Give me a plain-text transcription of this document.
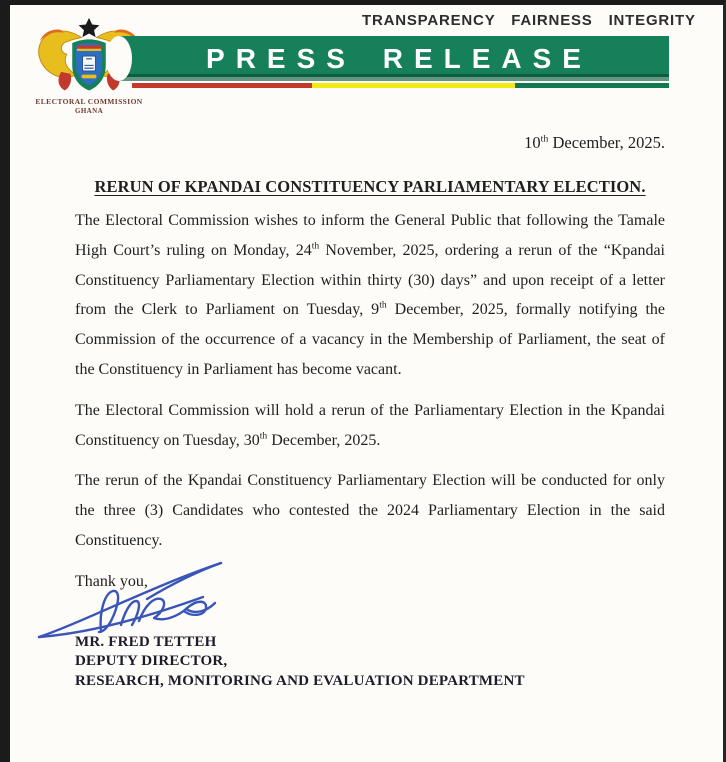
TRANSPARENCY FAIRNESS INTEGRITY
ELECTORAL COMMISSION
GHANA
PRESS RELEASE
10th December, 2025.
RERUN OF KPANDAI CONSTITUENCY PARLIAMENTARY ELECTION.

The Electoral Commission wishes to inform the General Public that following the Tamale High Court’s ruling on Monday, 24th November, 2025, ordering a rerun of the “Kpandai Constituency Parliamentary Election within thirty (30) days” and upon receipt of a letter from the Clerk to Parliament on Tuesday, 9th December, 2025, formally notifying the Commission of the occurrence of a vacancy in the Membership of Parliament, the seat of the Constituency in Parliament has become vacant.

The Electoral Commission will hold a rerun of the Parliamentary Election in the Kpandai Constituency on Tuesday, 30th December, 2025.

The rerun of the Kpandai Constituency Parliamentary Election will be conducted for only the three (3) Candidates who contested the 2024 Parliamentary Election in the said Constituency.

Thank you,
MR. FRED TETTEH
DEPUTY DIRECTOR,
RESEARCH, MONITORING AND EVALUATION DEPARTMENT
